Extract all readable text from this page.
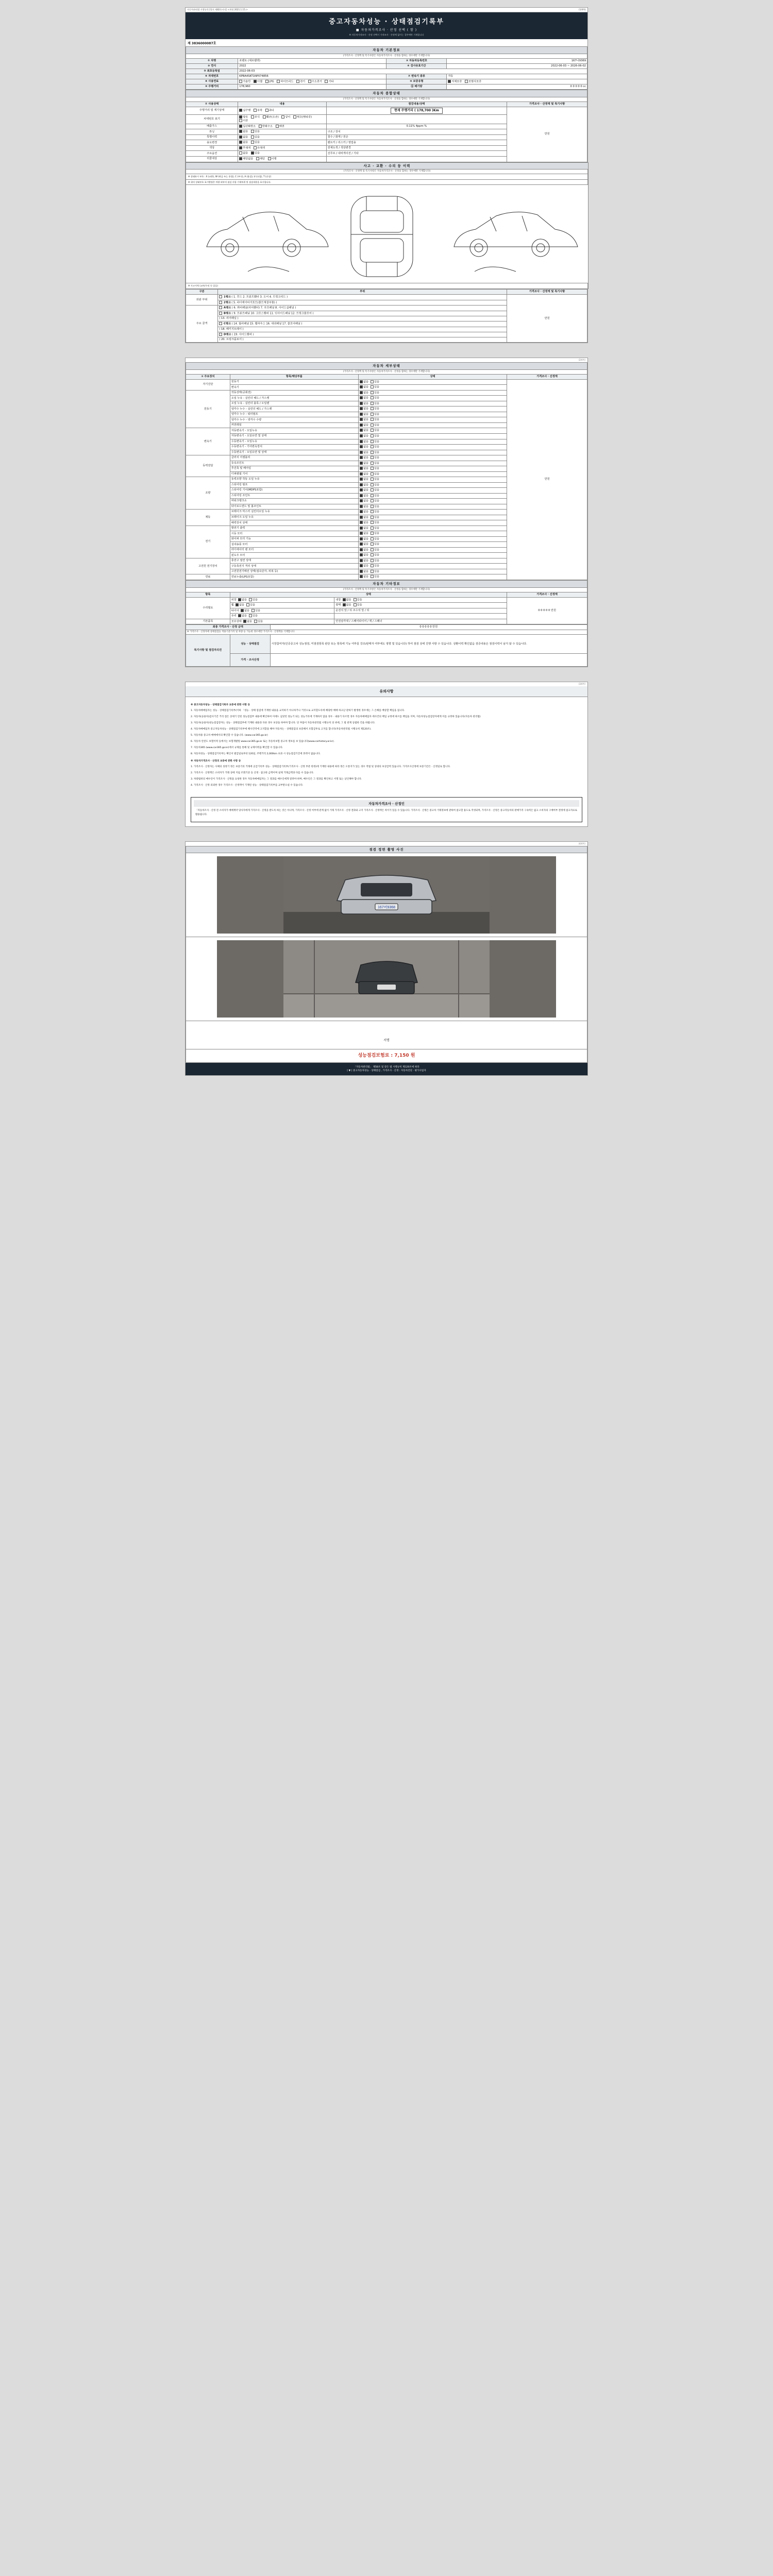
자동차관리법 시행규칙 [별지 제82호서식] <개정 2021.1.15.>	(1/4쪽)
중고자동차성능 · 상태점검기록부
■ 자동차가격조사 · 산정 선택 ( 함 )
※ 자동차가격조사 · 산정 선택시 가격조사 · 산정액 없이는 경우에만 기재합니다
제 3836000087호
자동차 기본정보			
(가격조사 · 산정액 및 특기사항은 자동차가격조사 · 산정을 함하는 경우에만 기재합니다)			
① 차명	쏘렌토 (셰브렐렛)	② 자동차등록번호	167나9369
③ 연식	2022	④ 검사유효기간	2022-06-03 ~ 2026-06-02
⑤ 최초등록일	2022-06-03		
⑥ 차대번호	KPBA4SKT1NP074856	⑦ 변속기 종류	자동
⑧ 사용연료	가솔린 디젤 LPG 하이브리드 전기 수소전기 기타	⑨ 보증유형	자체보증 보험사보증
⑩ 주행거리	178,960	⑪ 배기량	0 0 0 0 0 cc
자동차 종합상태			
(가격조사 · 산정액 및 특기사항은 자동차가격조사 · 산정을 함하는 경우에만 기재합니다)			
① 사용상태	내용	점검내용/상태	가격조사 · 산정액 및 특기사항
주행거리 및 계기상태	실주행 부족 과다	현재 주행거리 ( 178,700 )Km	만원
차대번호 표기	양호 부식 훼손(오손) 상이 변조(변타공) 이중		
배출가스	일산화탄소 탄화수소 매연	0.11% 4ppm %	
튜닝	없음 있음	구조 / 장치	
특별이력	없음 있음	침수 / 화재 / 전손	
용도변경	없음 있음	렌트카 / 리스카 / 영업용	
색상	무채색 유채색	전체도색 / 색상변경	
주요옵션	없음 있음	선루프 / 내비게이션 / 기타	
리콜대상	해당없음 해당 이행		
사고 · 교환 · 수리 등 이력
(가격조사 · 산정액 및 특기사항은 자동차가격조사 · 산정을 함하는 경우에만 기재합니다)
※ 상태표시 부호 : X (교환), W (판금 또는 용접), C (부식), A (흠집), U (요철), T (손상)
※ 위의 상태부호 표시방법은 차량 외부의 점검 사항 기재부위 및 점검내용을 표시합니다.

※ 사고이력 (교차/수리 등 있음)
구분	부위	가격조사 · 산정액 및 특기사항
외판 부위	1랭크 ( 1. 후드 2. 프론트휀더 3. 도어 4. 트렁크리드 )	만원
	2랭크 ( 5. 라디에이터서포트(볼트체결부품) )	
주요 골격	A랭크 ( 6. 쿼터패널(리어휀더) 7. 루프패널 8. 사이드실패널 )	
	B랭크 ( 9. 프론트패널 10. 크로스멤버 11. 인사이드패널 12. 트렁크플로어 )	
	( 13. 리어패널 )	
	C랭크 ( 14. 필러패널 15. 휠하우스 16. 대쉬패널 17. 플로어패널 )	
	( 18. 패키지트레이 )	
	D랭크 ( 19. 사이드멤버 )	
	( 20. 트렁크플로어 )	
(2/4쪽)
자동차 세부상태			
(가격조사 · 산정액 및 특기사항은 자동차가격조사 · 산정을 함하는 경우에만 기재합니다)			
② 주요장치	항목/해당부품	상태	가격조사 · 산정액
자기진단	원동기	없음 있음	만원
	변속기	없음 있음	
원동기	작동상태(공회전)	없음 있음	
	오일 누유 - 실린더 헤드 / 가스켓	없음 있음	
	오일 누유 - 실린더 블록 / 오일팬	없음 있음	
	냉각수 누수 - 실린더 헤드 / 가스켓	없음 있음	
	냉각수 누수 - 워터펌프	없음 있음	
	냉각수 누수 - 냉각수 수량	없음 있음	
	커먼레일	없음 있음	
변속기	자동변속기 - 오일누유	없음 있음	
	자동변속기 - 오일유면 및 상태	없음 있음	
	수동변속기 - 오일누유	없음 있음	
	수동변속기 - 기어변속장치	없음 있음	
	수동변속기 - 오일유면 및 상태	없음 있음	
동력전달	클러치 어셈블리	없음 있음	
	등속조인트	없음 있음	
	추진축 및 베어링	없음 있음	
	디퍼렌셜 기어	없음 있음	
조향	동력조향 작동 오일 누유	없음 있음	
	스티어링 펌프	없음 있음	
	스티어링 기어(MDPS포함)	없음 있음	
	스티어링 조인트	없음 있음	
	파워크랭크소	없음 있음	
	타이로드엔드 및 볼조인트	없음 있음	
제동	브레이크 마스터 실린더오일 누유	없음 있음	
	브레이크 오일 누유	없음 있음	
	배력장치 상태	없음 있음	
전기	발전기 출력	없음 있음	
	시동 모터	없음 있음	
	와이퍼 모터 기능	없음 있음	
	실내송풍 모터	없음 있음	
	라디에이터 팬 모터	없음 있음	
	윈도우 모터	없음 있음	
고전원 전기장치	충전구 절연 상태	없음 있음	
	구동축전지 격리 상태	없음 있음	
	고전원전기배선 상태(접속단자, 피복 등)	없음 있음	
연료	연료누출(LPG포함)	없음 있음	
자동차 기타정보			
(가격조사 · 산정액 및 특기사항은 자동차가격조사 · 산정을 함하는 경우에만 기재합니다)			
항목	상태		가격조사 · 산정액
수리필요	외장  없음 있음	내장  없음 있음	0 0 0 0 0 만원
	휠  없음 있음	광택  없음 있음	
	타이어  없음 있음	운전석 앞 / 뒤 조수석 앞 / 뒤	
	유리  없음 있음		
기본품목	보유상태  없음 있음	안전삼각대 / 스페어타이어 / 잭 / 스패너	
최종 가격조사 · 산정 금액		0 0 0 0 0 만원
※ 가격조사 · 산정자에 상태점검등 적용기준가격 및 차량 등 가능한 경우에만 가격조사 · 산정액을 기재합니다		
특기사항 및 점검자의견	성능 · 상태점검	시장참여자(인증중고차 성능점검, 미점검항목 판단 또는 항목에 기능 여부를 강조/판매자 여부에도 영향 및 있습니다) 하여 점검 상에 진행 사항 수 있습니다. 상환이력 확인없음 검증내용은 점검이력이 남지 않 수 있습니다.
	가격 · 조사산정	
(3/4쪽)
유의사항
※ 중고자동차성능 · 상태점검기록부 보증에 관한 사항 등

1. 자동차매매업자는 성능 · 상태점검기록부(이하 「성능 · 상태 점검에 기재한 내용을 교지하기 아니하거나 거짓으로 교지할도록에 해당한 매매 하고난 관하기 발생한 경우에는 그 손해를 배상할 책임을 집니다.

2. 자동차(승용차)검사기간 거리 점은 상세기 안된 성능점검부 내용에 확인하여 이에도 남았던 성능기 되는 성능기록에 기재하지 않을 경우 · 내용기 다르면 경우 자동차매매업자 에사건의 책임 규정에 따르를 책임을 지며, 자동차성능점검장자에게 이를 규정하 있습니다(자동차 관리법)

3. 자동차(승용차)성능점검장자는 성능 · 상태점검부에 기재한 내용과 다른 경우 보상을 하여야 합니다. 단 부품이 자동차관리법 시행규칙 의 위에, 그 밖 관계 등법한 건을 하법니다.

4. 자동차매매업자 중고자동차성능 · 상태점검기록부에 해사건역에 고지할을 해야 자동차는 · 상태점검의 보증해서 포함급투로 고지를 합니다(자동차관리법 시행규칙 제120조).

5. 자동차용 중고차 매매에서의 확인할 수 있습니다. (www.car365.go.kr)

6. 자동차 안전도 보험이력 등에서는 보험개발원 www.car365.go.kr 또는 자동차보험 중고차 정보를 보 있습니다(www.carhistory.or.kr).

7. 자동차365 (www.car365.go.kr)에서 규제를 통해 및 규제이력을 확인할 수 있습니다.

8. 자동차성능 · 상태점검기록부는 확인서 발급일로부터 120일, 주행거리 2,000km 초과 시 성능점검기간에 효력이 없습니다.

※ 자동차가격조사 · 산정의 보증에 관한 사항 등

1. 가격조사 · 산정자는 사체의 성정기 정은 보증기의 거래에 공급기록부 성능 · 상태점검기록부(기격조사 · 산정 부분 한정)에 기재한 내용에 따라 정은 오통지가 있는 경우 적법 및 상대의 보상급력 있습니다. 가격조사산정에 보증기간은 · 산정일로 합니다.

2. 가격조사 · 산정액은 소비자가 거래 상에 지침 조회기준 등 산정 · 참고한 금액이며 실제 거래금액과 다를 수 있습니다.

3. 차량범위의 매수인이 가격조사 · 산정을 요청한 경우 자동차매매업자는 그 결과를 매수인에게 알려야 하며, 매수인은 그 결과를 확인하고 서명 또는 날인해야 합니다.

4. 가격조사 · 산정 의뢰한 경우 가격조사 · 산정액이 기재된 성능 · 상태점검기록부를 교부받으실 수 있습니다.

자동차가격조사 · 산정인
「자동차조사 · 산정 전 소비자가 매매계약 당사자에게 가격조사 · 산정을 받도록 하는 것은 아니며, 가격조사 · 산정 여부에 관계 없이 거래 가격조사 · 산정 결과와 고지 가격조사 · 산정액은 차이가 있을 수 있습니다. 가격조사 · 산정은 중고차 거래정보에 관하여 참고할 용도로 작성되며, 가격조사 · 산정은 중고자동차의 판매가격 구속력은 없고 소비자의 구매여부 결정에 참고자료로 활용됩니다.
(4/4쪽)
점검 정면 촬영 사진

167버9368

서명

성능점검보험료 : 7,150 원
「자동차관리법」 제58조 및 같은 법 시행규칙 제120조에 따라
[ ▼ ] 중고자동차성능 · 상태점검 , 가격조사 · 산정 : 자동차진단 · 평가사업자
